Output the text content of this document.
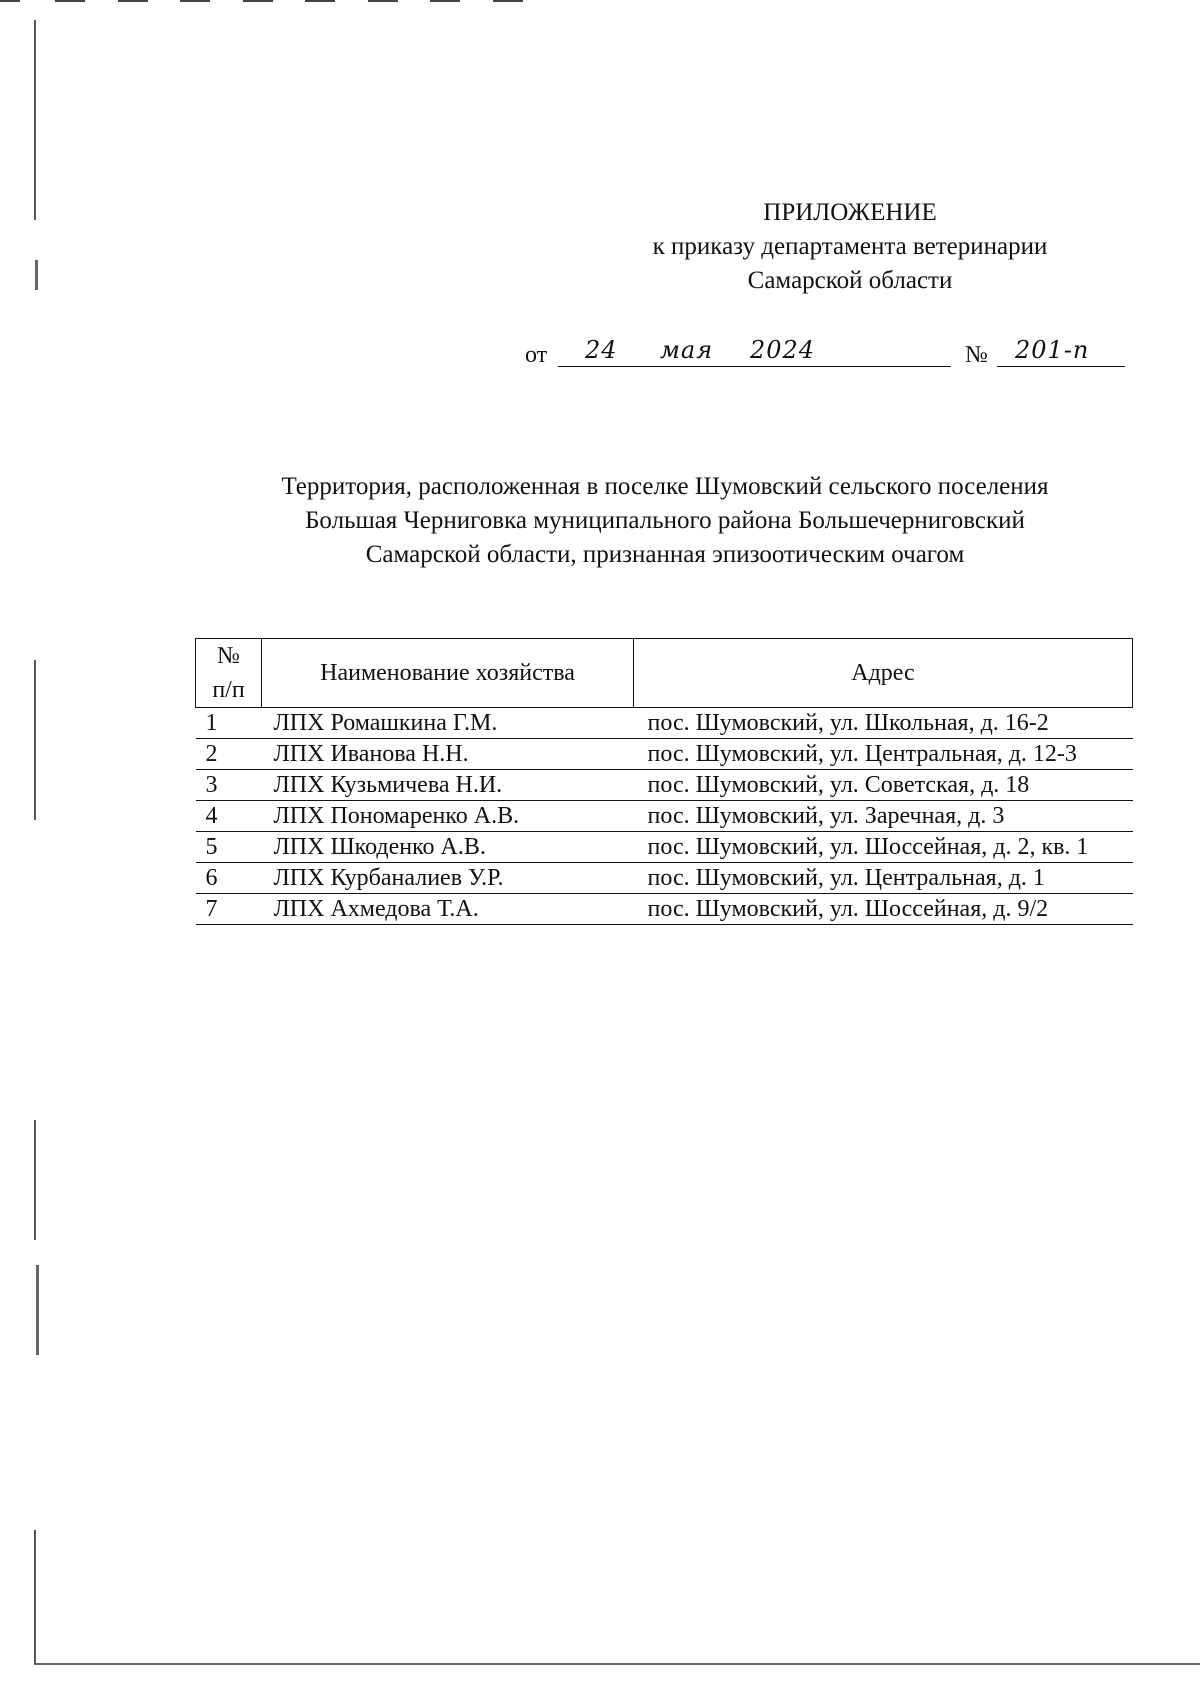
ПРИЛОЖЕНИЕ
к приказу департамента ветеринарии
Самарской области
от 24 мая 2024	№ 201-п
Территория, расположенная в поселке Шумовский сельского поселения
Большая Черниговка муниципального района Большечерниговский
Самарской области, признанная эпизоотическим очагом
№
п/п	Наименование хозяйства	Адрес
1	ЛПХ Ромашкина Г.М.	пос. Шумовский, ул. Школьная, д. 16-2
2	ЛПХ Иванова Н.Н.	пос. Шумовский, ул. Центральная, д. 12-3
3	ЛПХ Кузьмичева Н.И.	пос. Шумовский, ул. Советская, д. 18
4	ЛПХ Пономаренко А.В.	пос. Шумовский, ул. Заречная, д. 3
5	ЛПХ Шкоденко А.В.	пос. Шумовский, ул. Шоссейная, д. 2, кв. 1
6	ЛПХ Курбаналиев У.Р.	пос. Шумовский, ул. Центральная, д. 1
7	ЛПХ Ахмедова Т.А.	пос. Шумовский, ул. Шоссейная, д. 9/2
